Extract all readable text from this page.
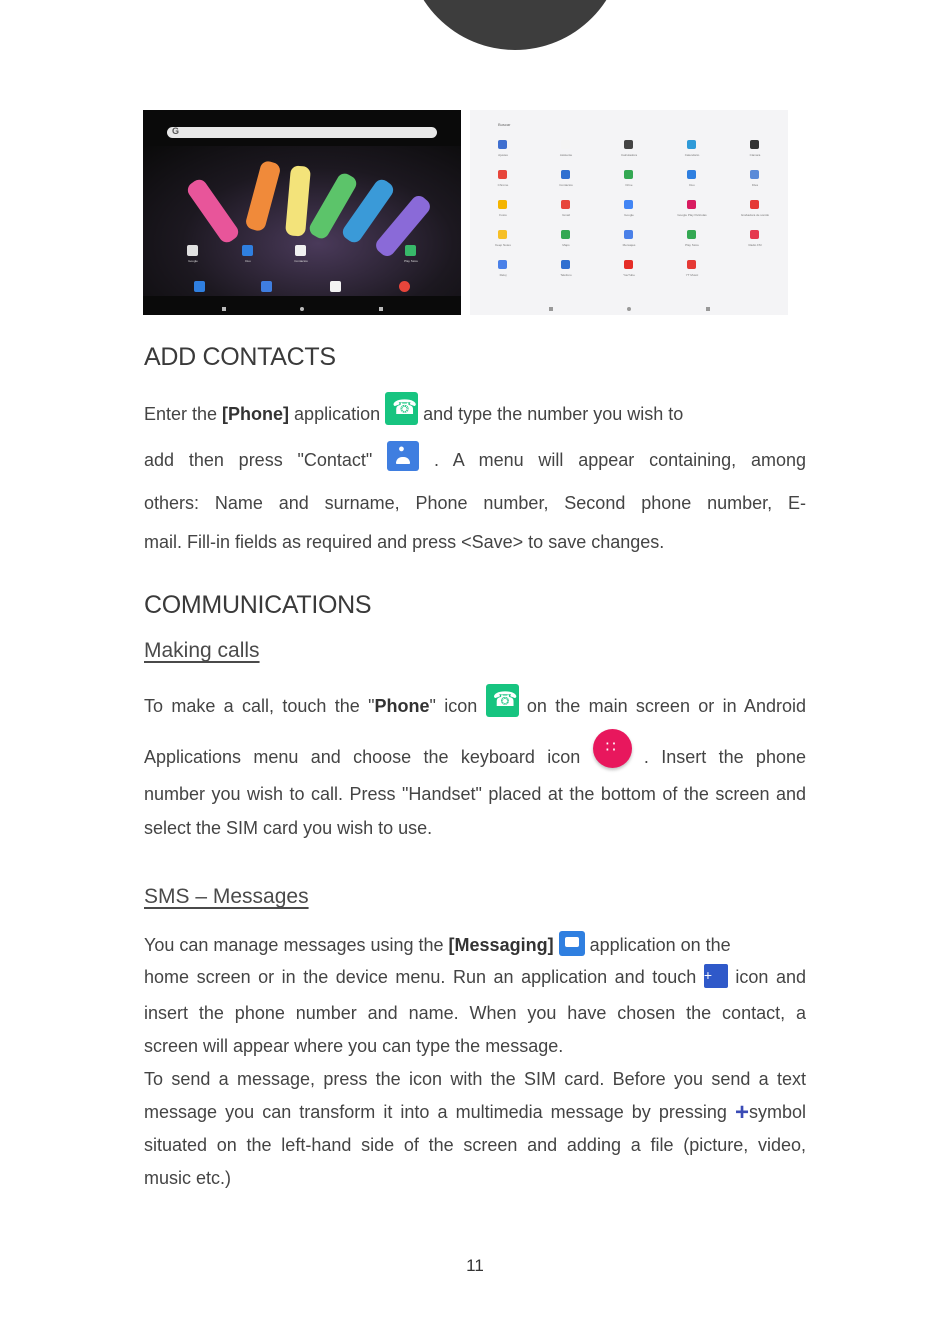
G
Google	Duo	Contactos	Play Store
Buscar
Ajustes	Asistente	Calculadora	Calendario	Cámara
Chrome	Contactos	Drive	Duo	Files
Fotos	Gmail	Google	Google Play Películas	Grabadora de sonido
Keep Notes	Maps	Mensajes	Play Store	Radio FM
Reloj	Teléfono	YouTube	YT Music
ADD CONTACTS
Enter the [Phone] application ☎ and type the number you wish to
add then press "Contact" ●	. A menu will appear containing, among
others: Name and surname, Phone number, Second phone number, E-
mail. Fill-in fields as required and press <Save> to save changes.
COMMUNICATIONS
Making calls
To make a call, touch the "Phone" icon ☎ on the main screen or in Android
Applications menu and choose the keyboard icon ∷	. Insert the phone
number you wish to call. Press "Handset" placed at the bottom of the screen and
select the SIM card you wish to use.
SMS – Messages
You can manage messages using the [Messaging]  application on the
home screen or in the device menu. Run an application and touch + icon and
insert the phone number and name. When you have chosen the contact, a
screen will appear where you can type the message.
To send a message, press the icon with the SIM card. Before you send a text
message you can transform it into a multimedia message by pressing +symbol
situated on the left-hand side of the screen and adding a file (picture, video,
music etc.)
11
